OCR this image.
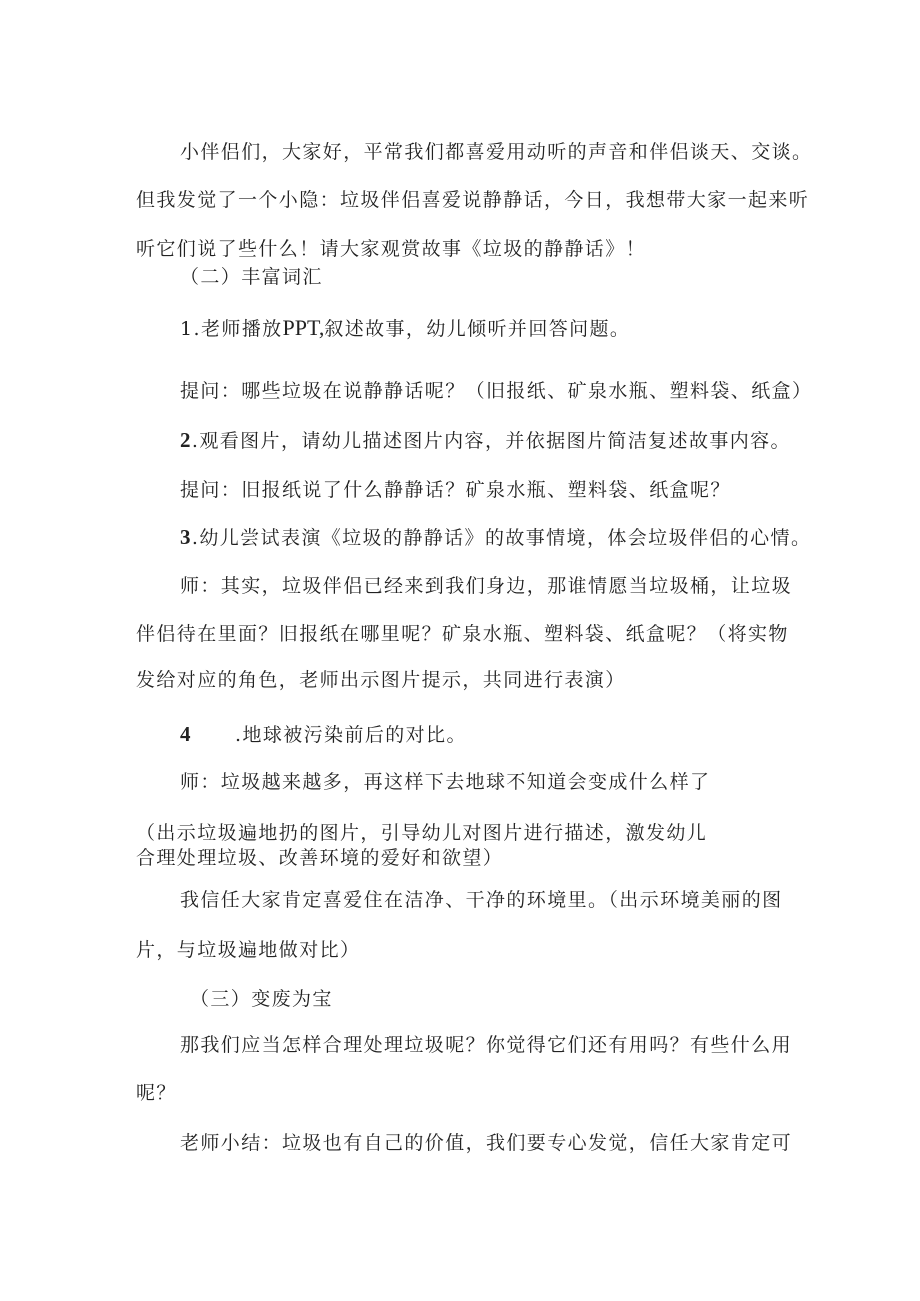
小伴侣们，大家好，平常我们都喜爱用动听的声音和伴侣谈天、交谈。
但我发觉了一个小隐：垃圾伴侣喜爱说静静话，今日，我想带大家一起来听
听它们说了些什么！请大家观赏故事《垃圾的静静话》！
（二）丰富词汇
1.老师播放PPT,叙述故事，幼儿倾听并回答问题。
提问：哪些垃圾在说静静话呢？（旧报纸、矿泉水瓶、塑料袋、纸盒）
2.观看图片，请幼儿描述图片内容，并依据图片简洁复述故事内容。
提问：旧报纸说了什么静静话？矿泉水瓶、塑料袋、纸盒呢？
3.幼儿尝试表演《垃圾的静静话》的故事情境，体会垃圾伴侣的心情。
师：其实，垃圾伴侣已经来到我们身边，那谁情愿当垃圾桶，让垃圾
伴侣待在里面？旧报纸在哪里呢？矿泉水瓶、塑料袋、纸盒呢？（将实物
发给对应的角色，老师出示图片提示，共同进行表演）
4 .地球被污染前后的对比。
师：垃圾越来越多，再这样下去地球不知道会变成什么样了
（出示垃圾遍地扔的图片，引导幼儿对图片进行描述，激发幼儿
合理处理垃圾、改善环境的爱好和欲望）
我信任大家肯定喜爱住在洁净、干净的环境里。（出示环境美丽的图
片，与垃圾遍地做对比）
（三）变废为宝
那我们应当怎样合理处理垃圾呢？你觉得它们还有用吗？有些什么用
呢？
老师小结：垃圾也有自己的价值，我们要专心发觉，信任大家肯定可
